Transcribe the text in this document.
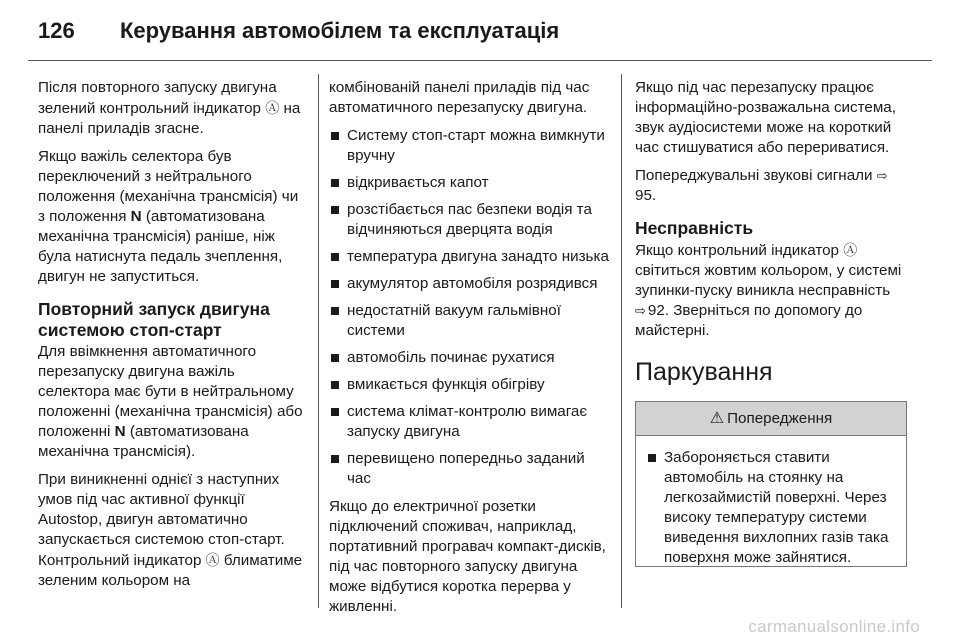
126	Керування автомобілем та експлуатація

Після повторного запуску двигуна зелений контрольний індикатор Ⓐ на панелі приладів згасне.

Якщо важіль селектора був переключений з нейтрального положення (механічна трансмісія) чи з положення N (автоматизована механічна трансмісія) раніше, ніж була натиснута педаль зчеплення, двигун не запуститься.

Повторний запуск двигуна системою стоп-старт

Для ввімкнення автоматичного перезапуску двигуна важіль селектора має бути в нейтральному положенні (механічна трансмісія) або положенні N (автоматизована механічна трансмісія).

При виникненні однієї з наступних умов під час активної функції Autostop, двигун автоматично запускається системою стоп-старт. Контрольний індикатор Ⓐ блиматиме зеленим кольором на

комбінованій панелі приладів під час автоматичного перезапуску двигуна.

Систему стоп-старт можна вимкнути вручну
відкривається капот
розстібається пас безпеки водія та відчиняються дверцята водія
температура двигуна занадто низька
акумулятор автомобіля розрядився
недостатній вакуум гальмівної системи
автомобіль починає рухатися
вмикається функція обігріву
система клімат-контролю вимагає запуску двигуна
перевищено попередньо заданий час

Якщо до електричної розетки підключений споживач, наприклад, портативний програвач компакт-дисків, під час повторного запуску двигуна може відбутися коротка перерва у живленні.

Якщо під час перезапуску працює інформаційно-розважальна система, звук аудіосистеми може на короткий час стишуватися або перериватися.

Попереджувальні звукові сигнали ⇨95.

Несправність

Якщо контрольний індикатор Ⓐ світиться жовтим кольором, у системі зупинки-пуску виникла несправність ⇨ 92. Зверніться по допомогу до майстерні.

Паркування
⚠ Попередження
Забороняється ставити автомобіль на стоянку на легкозаймистій поверхні. Через високу температуру системи виведення вихлопних газів така поверхня може зайнятися.
carmanualsonline.info
